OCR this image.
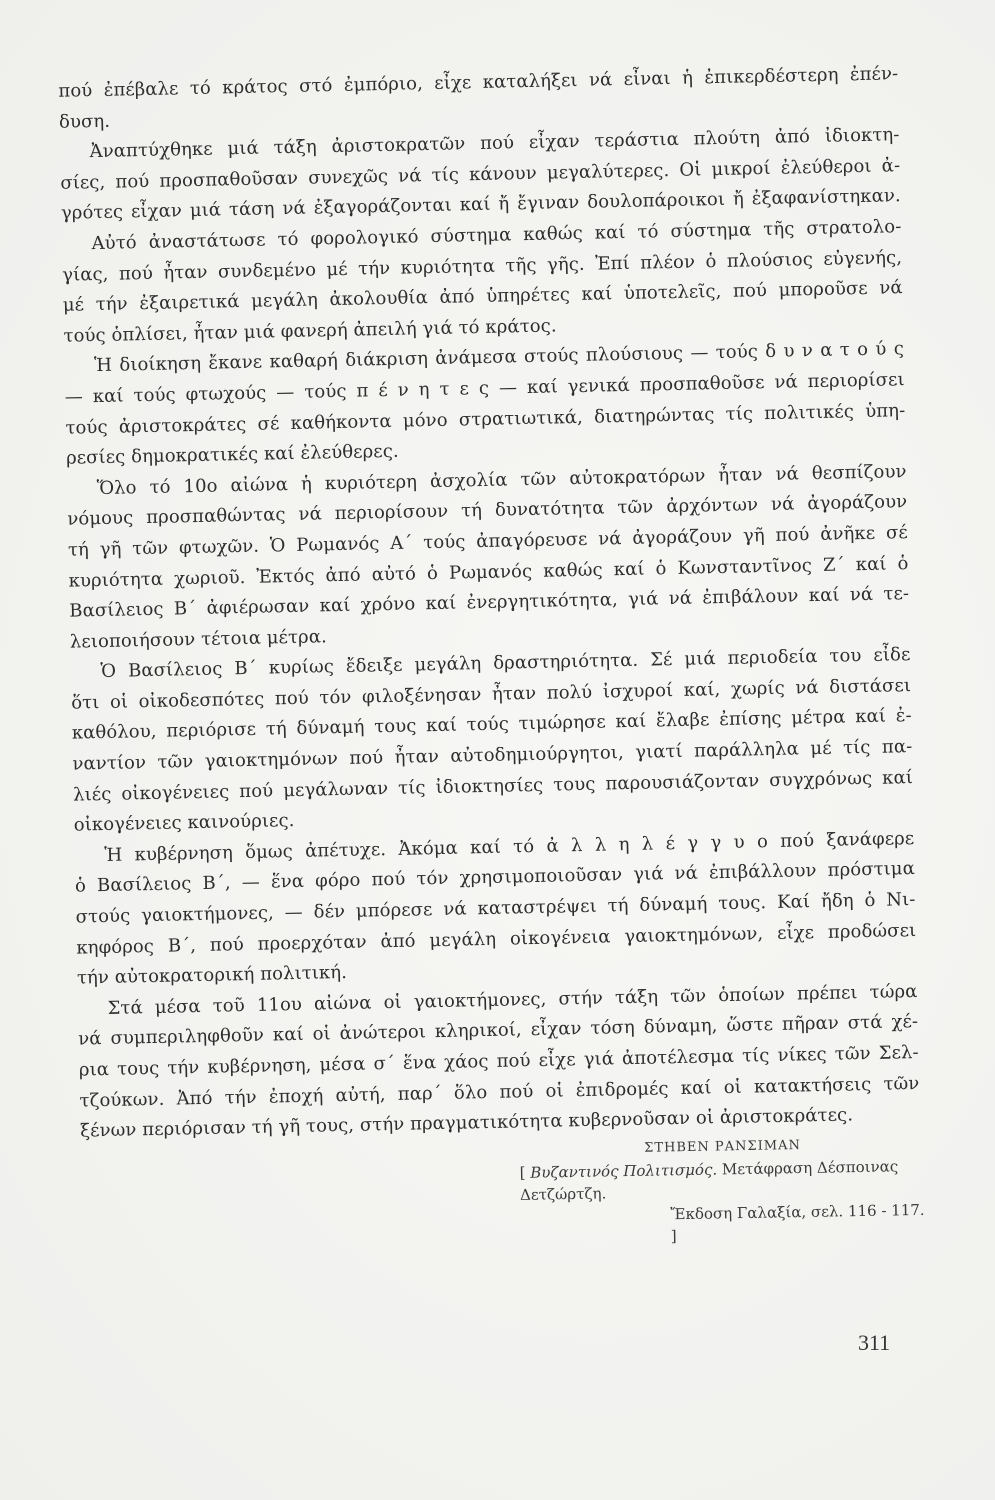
πού ἐπέβαλε τό κράτος στό ἐμπόριο, εἶχε καταλήξει νά εἶναι ἡ ἐπικερδέστερη ἐπέν-
δυση.
Ἀναπτύχθηκε μιά τάξη ἀριστοκρατῶν πού εἶχαν τεράστια πλούτη ἀπό ἰδιοκτη-
σίες, πού προσπαθοῦσαν συνεχῶς νά τίς κάνουν μεγαλύτερες. Οἱ μικροί ἐλεύθεροι ἀ-
γρότες εἶχαν μιά τάση νά ἐξαγοράζονται καί ἤ ἔγιναν δουλοπάροικοι ἤ ἐξαφανίστηκαν.
Αὐτό ἀναστάτωσε τό φορολογικό σύστημα καθώς καί τό σύστημα τῆς στρατολο-
γίας, πού ἦταν συνδεμένο μέ τήν κυριότητα τῆς γῆς. Ἐπί πλέον ὁ πλούσιος εὐγενής,
μέ τήν ἐξαιρετικά μεγάλη ἀκολουθία ἀπό ὑπηρέτες καί ὑποτελεῖς, πού μποροῦσε νά
τούς ὁπλίσει, ἦταν μιά φανερή ἀπειλή γιά τό κράτος.
Ἡ διοίκηση ἔκανε καθαρή διάκριση ἀνάμεσα στούς πλούσιους — τούς δ υ ν α τ ο ύ ς
— καί τούς φτωχούς — τούς π έ ν η τ ε ς — καί γενικά προσπαθοῦσε νά περιορίσει
τούς ἀριστοκράτες σέ καθήκοντα μόνο στρατιωτικά, διατηρώντας τίς πολιτικές ὑπη-
ρεσίες δημοκρατικές καί ἐλεύθερες.
Ὅλο τό 10ο αἰώνα ἡ κυριότερη ἀσχολία τῶν αὐτοκρατόρων ἦταν νά θεσπίζουν
νόμους προσπαθώντας νά περιορίσουν τή δυνατότητα τῶν ἀρχόντων νά ἀγοράζουν
τή γῆ τῶν φτωχῶν. Ὁ Ρωμανός Α΄ τούς ἀπαγόρευσε νά ἀγοράζουν γῆ πού ἀνῆκε σέ
κυριότητα χωριοῦ. Ἐκτός ἀπό αὐτό ὁ Ρωμανός καθώς καί ὁ Κωνσταντῖνος Ζ΄ καί ὁ
Βασίλειος Β΄ ἀφιέρωσαν καί χρόνο καί ἐνεργητικότητα, γιά νά ἐπιβάλουν καί νά τε-
λειοποιήσουν τέτοια μέτρα.
Ὁ Βασίλειος Β΄ κυρίως ἔδειξε μεγάλη δραστηριότητα. Σέ μιά περιοδεία του εἶδε
ὅτι οἱ οἰκοδεσπότες πού τόν φιλοξένησαν ἦταν πολύ ἰσχυροί καί, χωρίς νά διστάσει
καθόλου, περιόρισε τή δύναμή τους καί τούς τιμώρησε καί ἔλαβε ἐπίσης μέτρα καί ἐ-
ναντίον τῶν γαιοκτημόνων πού ἦταν αὐτοδημιούργητοι, γιατί παράλληλα μέ τίς πα-
λιές οἰκογένειες πού μεγάλωναν τίς ἰδιοκτησίες τους παρουσιάζονταν συγχρόνως καί
οἰκογένειες καινούριες.
Ἡ κυβέρνηση ὅμως ἀπέτυχε. Ἀκόμα καί τό ἀ λ λ η λ έ γ γ υ ο πού ξανάφερε
ὁ Βασίλειος Β΄, — ἕνα φόρο πού τόν χρησιμοποιοῦσαν γιά νά ἐπιβάλλουν πρόστιμα
στούς γαιοκτήμονες, — δέν μπόρεσε νά καταστρέψει τή δύναμή τους. Καί ἤδη ὁ Νι-
κηφόρος Β΄, πού προερχόταν ἀπό μεγάλη οἰκογένεια γαιοκτημόνων, εἶχε προδώσει
τήν αὐτοκρατορική πολιτική.
Στά μέσα τοῦ 11ου αἰώνα οἱ γαιοκτήμονες, στήν τάξη τῶν ὁποίων πρέπει τώρα
νά συμπεριληφθοῦν καί οἱ ἀνώτεροι κληρικοί, εἶχαν τόση δύναμη, ὥστε πῆραν στά χέ-
ρια τους τήν κυβέρνηση, μέσα σ΄ ἕνα χάος πού εἶχε γιά ἀποτέλεσμα τίς νίκες τῶν Σελ-
τζούκων. Ἀπό τήν ἐποχή αὐτή, παρ΄ ὅλο πού οἱ ἐπιδρομές καί οἱ κατακτήσεις τῶν
ξένων περιόρισαν τή γῆ τους, στήν πραγματικότητα κυβερνοῦσαν οἱ ἀριστοκράτες.
ΣΤΗΒΕΝ ΡΑΝΣΙΜΑΝ
[ Βυζαντινός Πολιτισμός. Μετάφραση Δέσποινας Δετζώρτζη.
Ἔκδοση Γαλαξία, σελ. 116 - 117. ]
311
